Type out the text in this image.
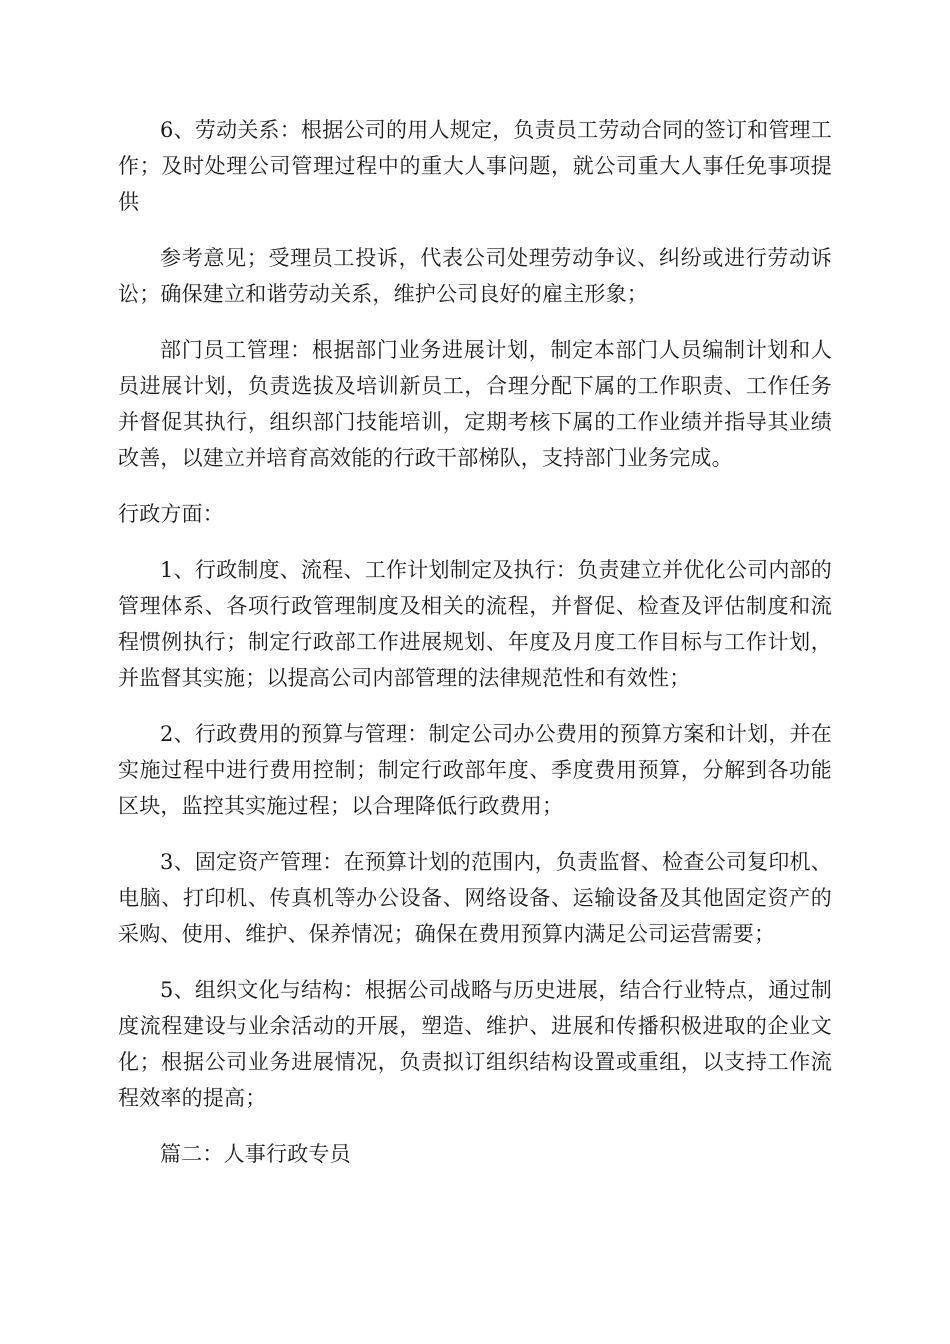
6、劳动关系：根据公司的用人规定，负责员工劳动合同的签订和管理工作；及时处理公司管理过程中的重大人事问题，就公司重大人事任免事项提供

参考意见；受理员工投诉，代表公司处理劳动争议、纠纷或进行劳动诉讼；确保建立和谐劳动关系，维护公司良好的雇主形象；

部门员工管理：根据部门业务进展计划，制定本部门人员编制计划和人员进展计划，负责选拔及培训新员工，合理分配下属的工作职责、工作任务并督促其执行，组织部门技能培训，定期考核下属的工作业绩并指导其业绩改善，以建立并培育高效能的行政干部梯队，支持部门业务完成。

行政方面：

1、行政制度、流程、工作计划制定及执行：负责建立并优化公司内部的管理体系、各项行政管理制度及相关的流程，并督促、检查及评估制度和流程惯例执行；制定行政部工作进展规划、年度及月度工作目标与工作计划，并监督其实施；以提高公司内部管理的法律规范性和有效性；

2、行政费用的预算与管理：制定公司办公费用的预算方案和计划，并在实施过程中进行费用控制；制定行政部年度、季度费用预算，分解到各功能区块，监控其实施过程；以合理降低行政费用；

3、固定资产管理：在预算计划的范围内，负责监督、检查公司复印机、电脑、打印机、传真机等办公设备、网络设备、运输设备及其他固定资产的采购、使用、维护、保养情况；确保在费用预算内满足公司运营需要；

5、组织文化与结构：根据公司战略与历史进展，结合行业特点，通过制度流程建设与业余活动的开展，塑造、维护、进展和传播积极进取的企业文化；根据公司业务进展情况，负责拟订组织结构设置或重组，以支持工作流程效率的提高；

篇二：人事行政专员
